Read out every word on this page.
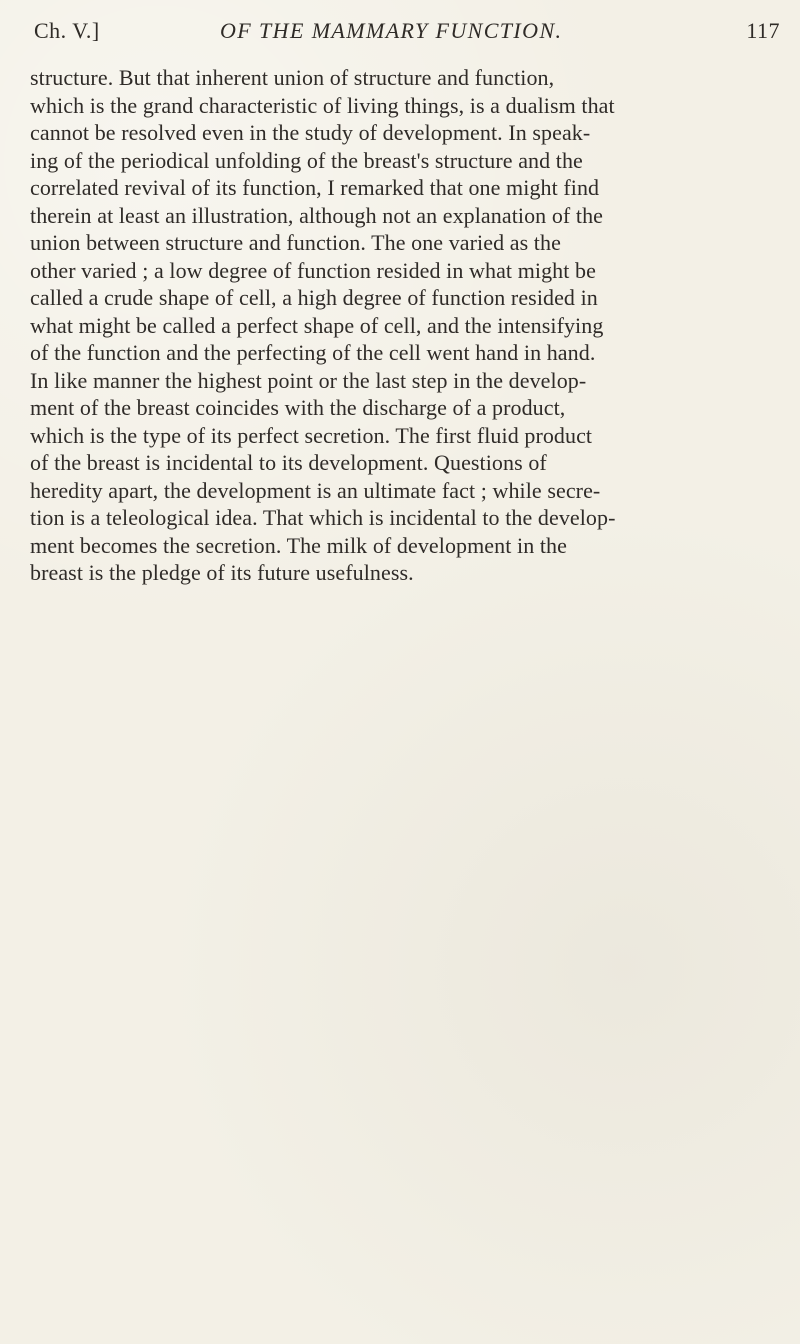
Ch. V.]	OF THE MAMMARY FUNCTION.	117
structure. But that inherent union of structure and function,
which is the grand characteristic of living things, is a dualism that
cannot be resolved even in the study of development. In speak-
ing of the periodical unfolding of the breast's structure and the
correlated revival of its function, I remarked that one might find
therein at least an illustration, although not an explanation of the
union between structure and function. The one varied as the
other varied ; a low degree of function resided in what might be
called a crude shape of cell, a high degree of function resided in
what might be called a perfect shape of cell, and the intensifying
of the function and the perfecting of the cell went hand in hand.
In like manner the highest point or the last step in the develop-
ment of the breast coincides with the discharge of a product,
which is the type of its perfect secretion. The first fluid product
of the breast is incidental to its development. Questions of
heredity apart, the development is an ultimate fact ; while secre-
tion is a teleological idea. That which is incidental to the develop-
ment becomes the secretion. The milk of development in the
breast is the pledge of its future usefulness.
